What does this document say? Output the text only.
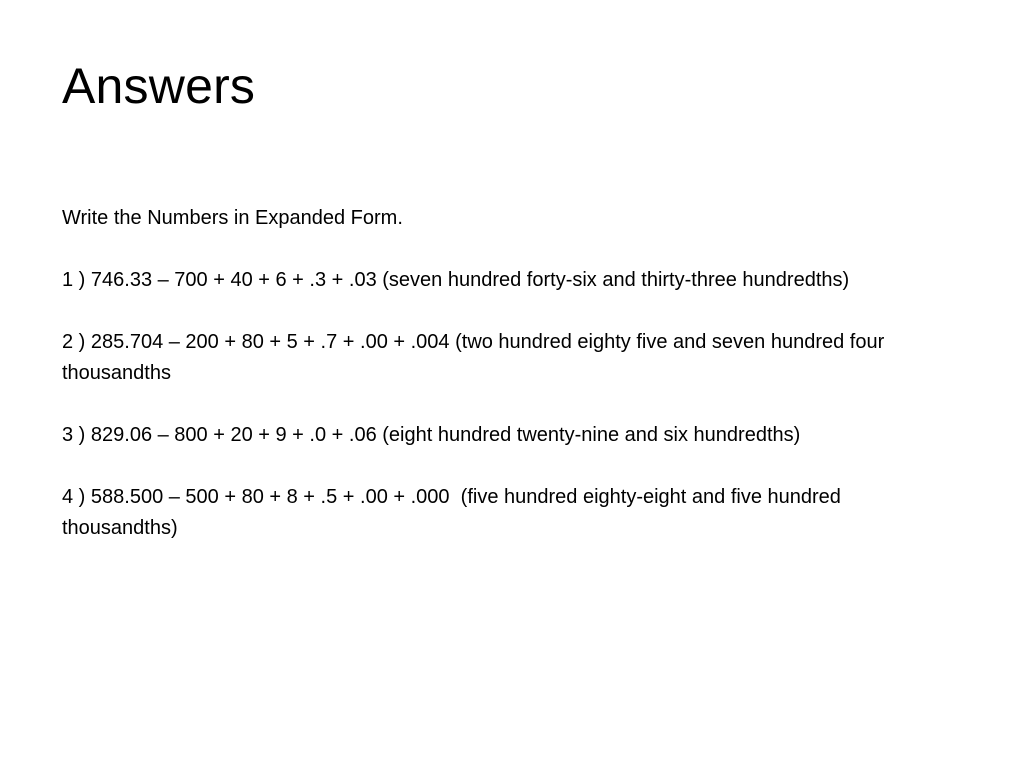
Answers

Write the Numbers in Expanded Form.

1 ) 746.33 – 700 + 40 + 6 + .3 + .03 (seven hundred forty-six and thirty-three hundredths)

2 ) 285.704 – 200 + 80 + 5 + .7 + .00 + .004 (two hundred eighty five and seven hundred four thousandths

3 ) 829.06 – 800 + 20 + 9 + .0 + .06 (eight hundred twenty-nine and six hundredths)

4 ) 588.500 – 500 + 80 + 8 + .5 + .00 + .000  (five hundred eighty-eight and five hundred thousandths)
